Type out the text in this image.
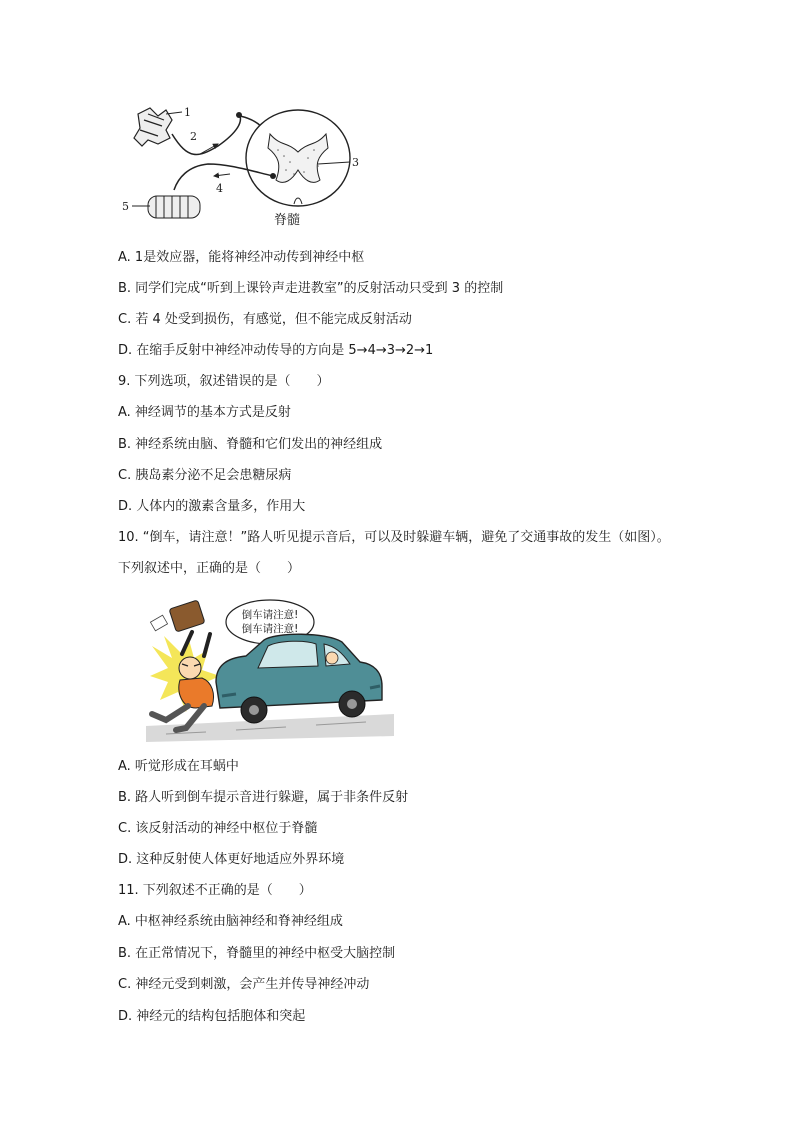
1
2
3
4
5
脊髓
A. 1是效应器，能将神经冲动传到神经中枢
B. 同学们完成“听到上课铃声走进教室”的反射活动只受到 3 的控制
C. 若 4 处受到损伤，有感觉，但不能完成反射活动
D. 在缩手反射中神经冲动传导的方向是 5→4→3→2→1
9. 下列选项，叙述错误的是（　　）
A. 神经调节的基本方式是反射
B. 神经系统由脑、脊髓和它们发出的神经组成
C. 胰岛素分泌不足会患糖尿病
D. 人体内的激素含量多，作用大
10. “倒车，请注意！”路人听见提示音后，可以及时躲避车辆，避免了交通事故的发生（如图）。下列叙述中，正确的是（　　）
倒车请注意!
倒车请注意!
A. 听觉形成在耳蜗中
B. 路人听到倒车提示音进行躲避，属于非条件反射
C. 该反射活动的神经中枢位于脊髓
D. 这种反射使人体更好地适应外界环境
11. 下列叙述不正确的是（　　）
A. 中枢神经系统由脑神经和脊神经组成
B. 在正常情况下，脊髓里的神经中枢受大脑控制
C. 神经元受到刺激，会产生并传导神经冲动
D. 神经元的结构包括胞体和突起
